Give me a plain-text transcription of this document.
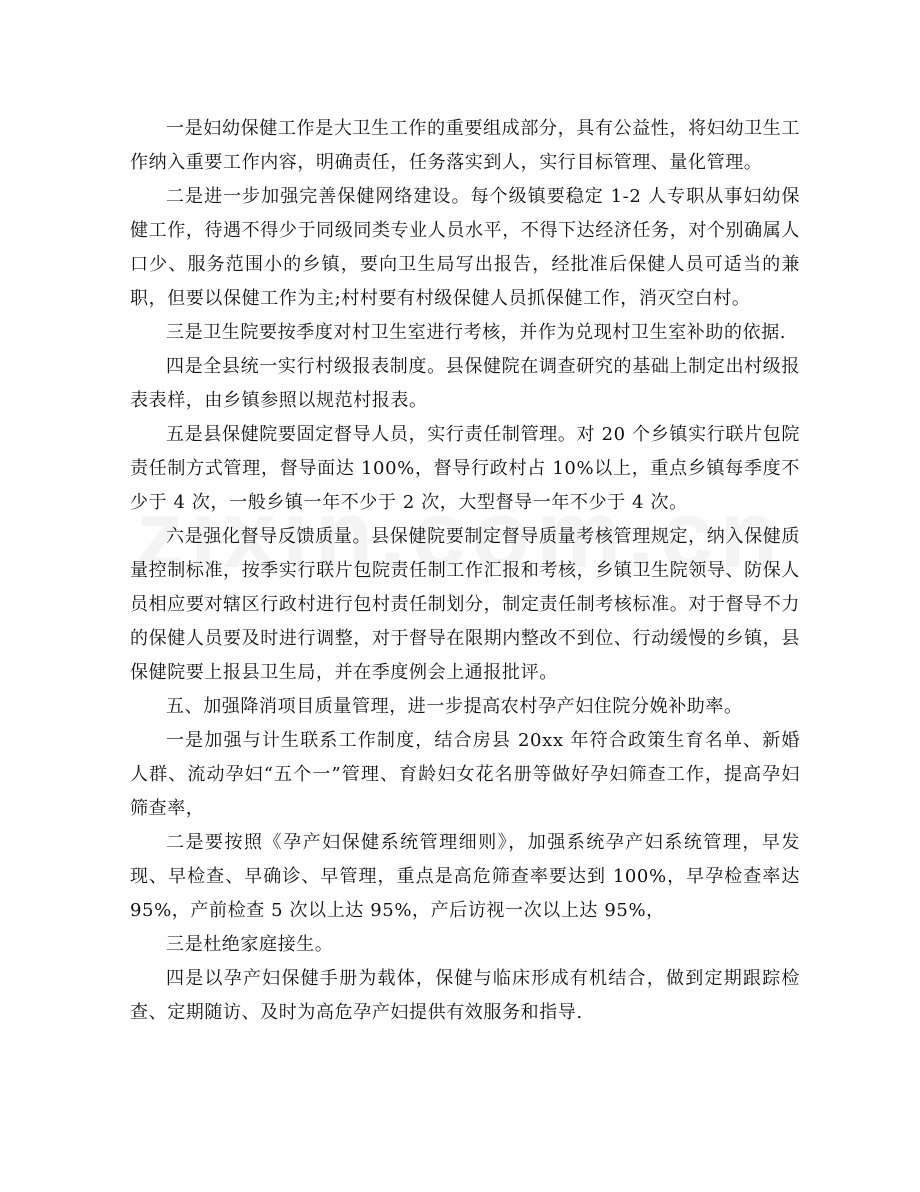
一是妇幼保健工作是大卫生工作的重要组成部分，具有公益性，将妇幼卫生工作纳入重要工作内容，明确责任，任务落实到人，实行目标管理、量化管理。

二是进一步加强完善保健网络建设。每个级镇要稳定 1-2 人专职从事妇幼保健工作，待遇不得少于同级同类专业人员水平，不得下达经济任务，对个别确属人口少、服务范围小的乡镇，要向卫生局写出报告，经批准后保健人员可适当的兼职，但要以保健工作为主;村村要有村级保健人员抓保健工作，消灭空白村。

三是卫生院要按季度对村卫生室进行考核，并作为兑现村卫生室补助的依据.

四是全县统一实行村级报表制度。县保健院在调查研究的基础上制定出村级报表表样，由乡镇参照以规范村报表。

五是县保健院要固定督导人员，实行责任制管理。对 20 个乡镇实行联片包院责任制方式管理，督导面达 100%，督导行政村占 10%以上，重点乡镇每季度不少于 4 次，一般乡镇一年不少于 2 次，大型督导一年不少于 4 次。

六是强化督导反馈质量。县保健院要制定督导质量考核管理规定，纳入保健质量控制标准，按季实行联片包院责任制工作汇报和考核，乡镇卫生院领导、防保人员相应要对辖区行政村进行包村责任制划分，制定责任制考核标准。对于督导不力的保健人员要及时进行调整，对于督导在限期内整改不到位、行动缓慢的乡镇，县保健院要上报县卫生局，并在季度例会上通报批评。

五、加强降消项目质量管理，进一步提高农村孕产妇住院分娩补助率。

一是加强与计生联系工作制度，结合房县 20xx 年符合政策生育名单、新婚人群、流动孕妇“五个一”管理、育龄妇女花名册等做好孕妇筛查工作，提高孕妇筛查率，

二是要按照《孕产妇保健系统管理细则》，加强系统孕产妇系统管理，早发现、早检查、早确诊、早管理，重点是高危筛查率要达到 100%，早孕检查率达 95%，产前检查 5 次以上达 95%，产后访视一次以上达 95%，

三是杜绝家庭接生。

四是以孕产妇保健手册为载体，保健与临床形成有机结合，做到定期跟踪检查、定期随访、及时为高危孕产妇提供有效服务和指导.
